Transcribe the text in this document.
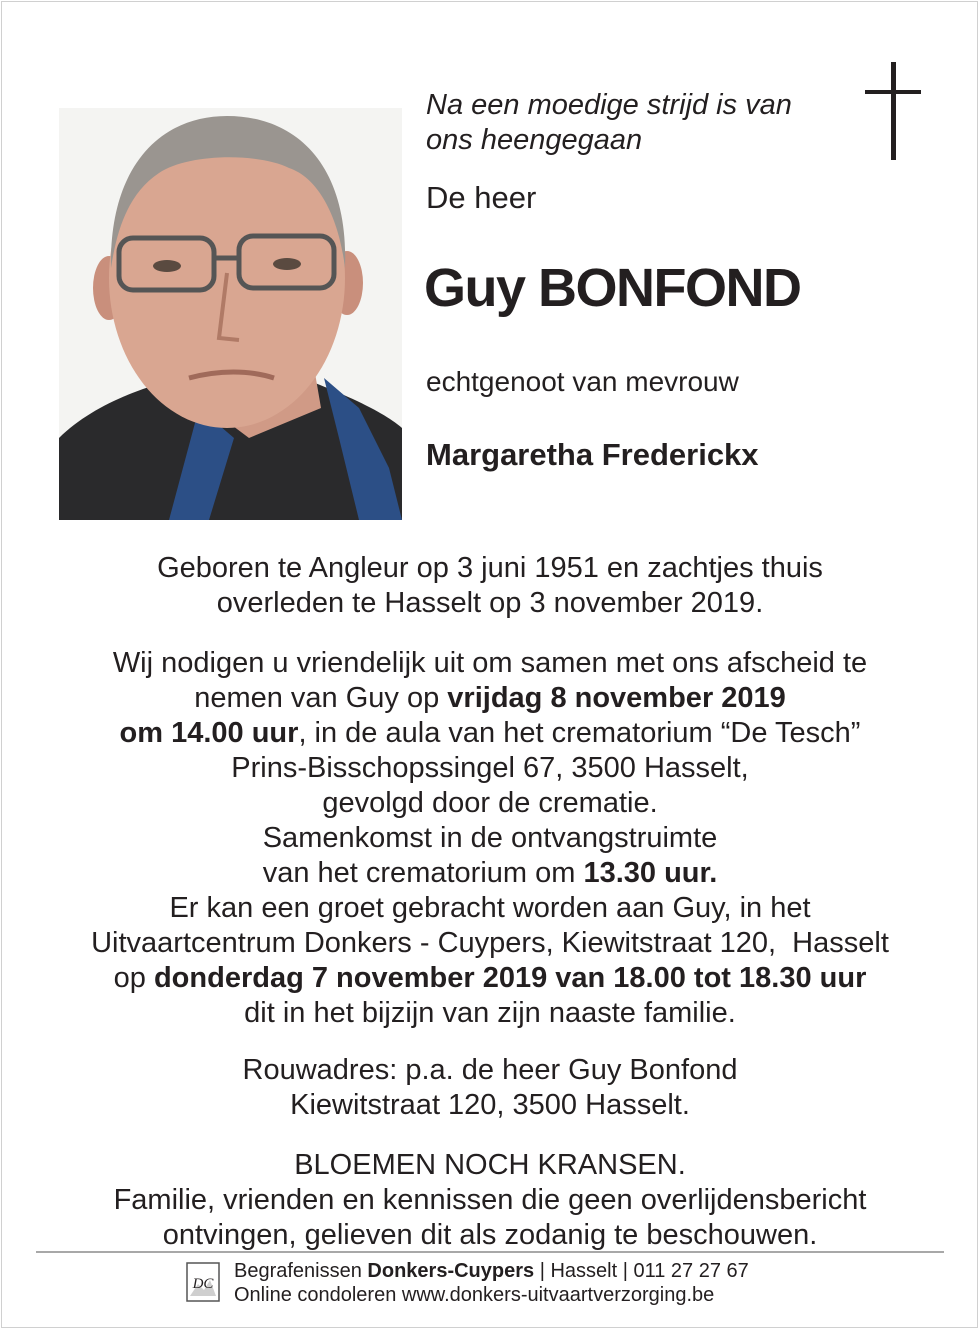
Na een moedige strijd is van
ons heengegaan
De heer
Guy BONFOND
echtgenoot van mevrouw
Margaretha Frederickx
Geboren te Angleur op 3 juni 1951 en zachtjes thuis
overleden te Hasselt op 3 november 2019.
Wij nodigen u vriendelijk uit om samen met ons afscheid te
nemen van Guy op vrijdag 8 november 2019
om 14.00 uur, in de aula van het crematorium “De Tesch”
Prins-Bisschopssingel 67, 3500 Hasselt,
gevolgd door de crematie.
Samenkomst in de ontvangstruimte
van het crematorium om 13.30 uur.
Er kan een groet gebracht worden aan Guy, in het
Uitvaartcentrum Donkers - Cuypers, Kiewitstraat 120,  Hasselt
op donderdag 7 november 2019 van 18.00 tot 18.30 uur
dit in het bijzijn van zijn naaste familie.
Rouwadres: p.a. de heer Guy Bonfond
Kiewitstraat 120, 3500 Hasselt.
BLOEMEN NOCH KRANSEN.
Familie, vrienden en kennissen die geen overlijdensbericht
ontvingen, gelieven dit als zodanig te beschouwen.
DC
Begrafenissen Donkers-Cuypers | Hasselt | 011 27 27 67
Online condoleren www.donkers-uitvaartverzorging.be
